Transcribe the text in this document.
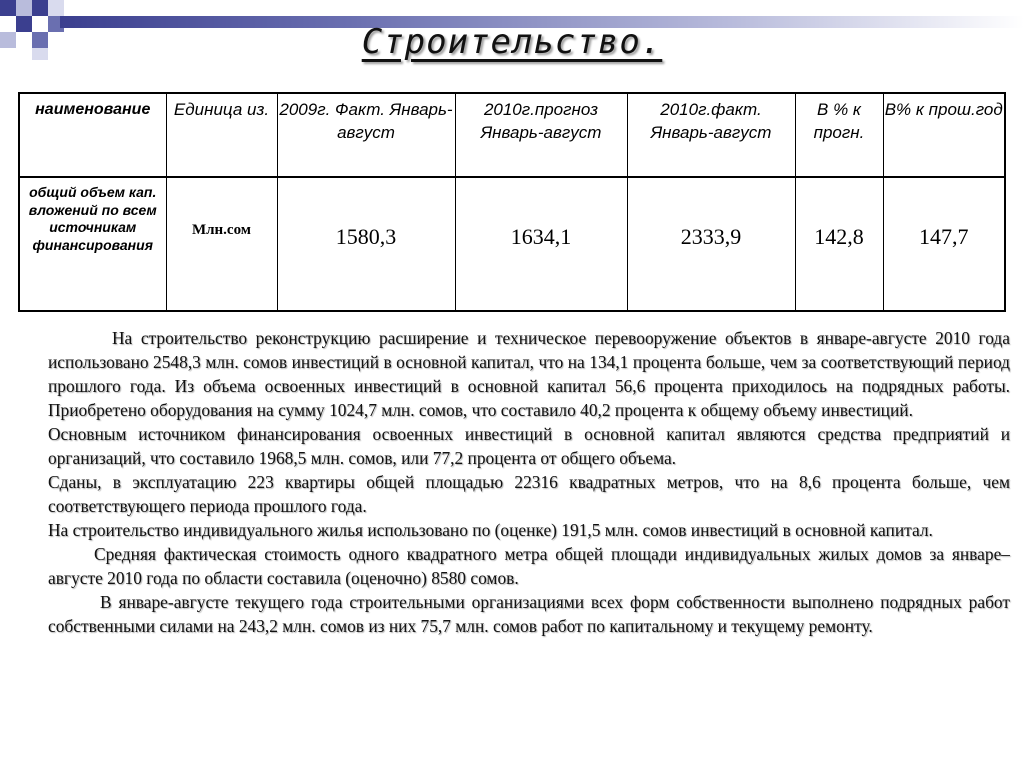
Строительство.
наименование	Единица из.	2009г. Факт. Январь-август	2010г.прогноз Январь-август	2010г.факт. Январь-август	В % к прогн.	В% к прош.год
общий объем кап. вложений по всем источникам финансирования	Млн.сом	1580,3	1634,1	2333,9	142,8	147,7

На строительство реконструкцию расширение и техническое перевооружение объектов в январе-августе 2010 года использовано 2548,3 млн. сомов инвестиций в основной капитал, что на 134,1 процента больше, чем за соответствующий период прошлого года. Из объема освоенных инвестиций в основной капитал 56,6 процента приходилось на подрядных работы. Приобретено оборудования на сумму 1024,7 млн. сомов, что составило 40,2 процента к общему объему инвестиций.

Основным источником финансирования освоенных инвестиций в основной капитал являются средства предприятий и организаций, что составило 1968,5 млн. сомов, или 77,2 процента от общего объема.

Сданы, в эксплуатацию 223 квартиры общей площадью 22316 квадратных метров, что на 8,6 процента больше, чем соответствующего периода прошлого года.

На строительство индивидуального жилья использовано по (оценке) 191,5 млн. сомов инвестиций в основной капитал.

Средняя фактическая стоимость одного квадратного метра общей площади индивидуальных жилых домов за январе–августе 2010 года по области составила (оценочно) 8580 сомов.

В январе-августе текущего года строительными организациями всех форм собственности выполнено подрядных работ собственными силами на 243,2 млн. сомов из них 75,7 млн. сомов работ по капитальному и текущему ремонту.
